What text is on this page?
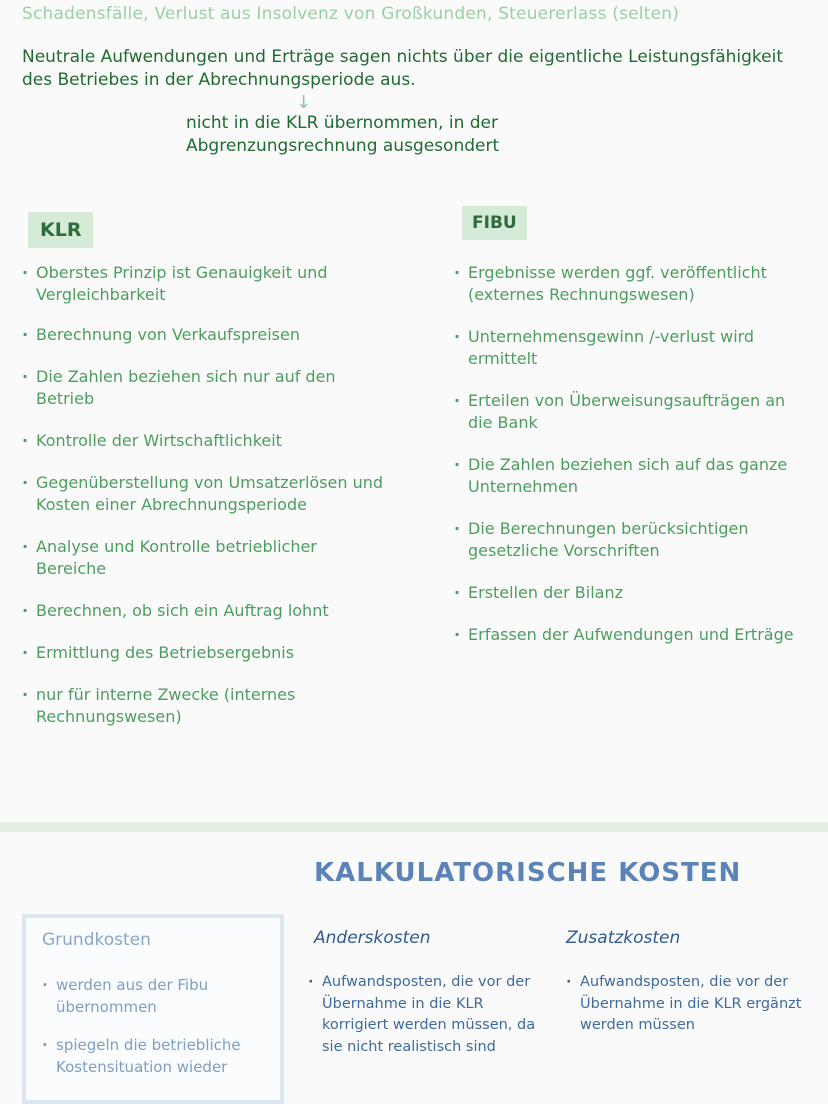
Schadensfälle, Verlust aus Insolvenz von Großkunden, Steuererlass (selten)
Neutrale Aufwendungen und Erträge sagen nichts über die eigentliche Leistungsfähigkeit des Betriebes in der Abrechnungsperiode aus.
↓
nicht in die KLR übernommen, in der
Abgrenzungsrechnung ausgesondert
KLR	FIBU
· Oberstes Prinzip ist Genauigkeit und Vergleichbarkeit
· Berechnung von Verkaufspreisen
· Die Zahlen beziehen sich nur auf den Betrieb
· Kontrolle der Wirtschaftlichkeit
· Gegenüberstellung von Umsatzerlösen und Kosten einer Abrechnungsperiode
· Analyse und Kontrolle betrieblicher Bereiche
· Berechnen, ob sich ein Auftrag lohnt
· Ermittlung des Betriebsergebnis
· nur für interne Zwecke (internes Rechnungswesen)
· Ergebnisse werden ggf. veröffentlicht (externes Rechnungswesen)
· Unternehmensgewinn /-verlust wird ermittelt
· Erteilen von Überweisungsaufträgen an die Bank
· Die Zahlen beziehen sich auf das ganze Unternehmen
· Die Berechnungen berücksichtigen gesetzliche Vorschriften
· Erstellen der Bilanz
· Erfassen der Aufwendungen und Erträge
KALKULATORISCHE KOSTEN
Grundkosten
· werden aus der Fibu übernommen
· spiegeln die betriebliche Kostensituation wieder
Anderskosten
· Aufwandsposten, die vor der Übernahme in die KLR korrigiert werden müssen, da sie nicht realistisch sind
Zusatzkosten
· Aufwandsposten, die vor der Übernahme in die KLR ergänzt werden müssen
